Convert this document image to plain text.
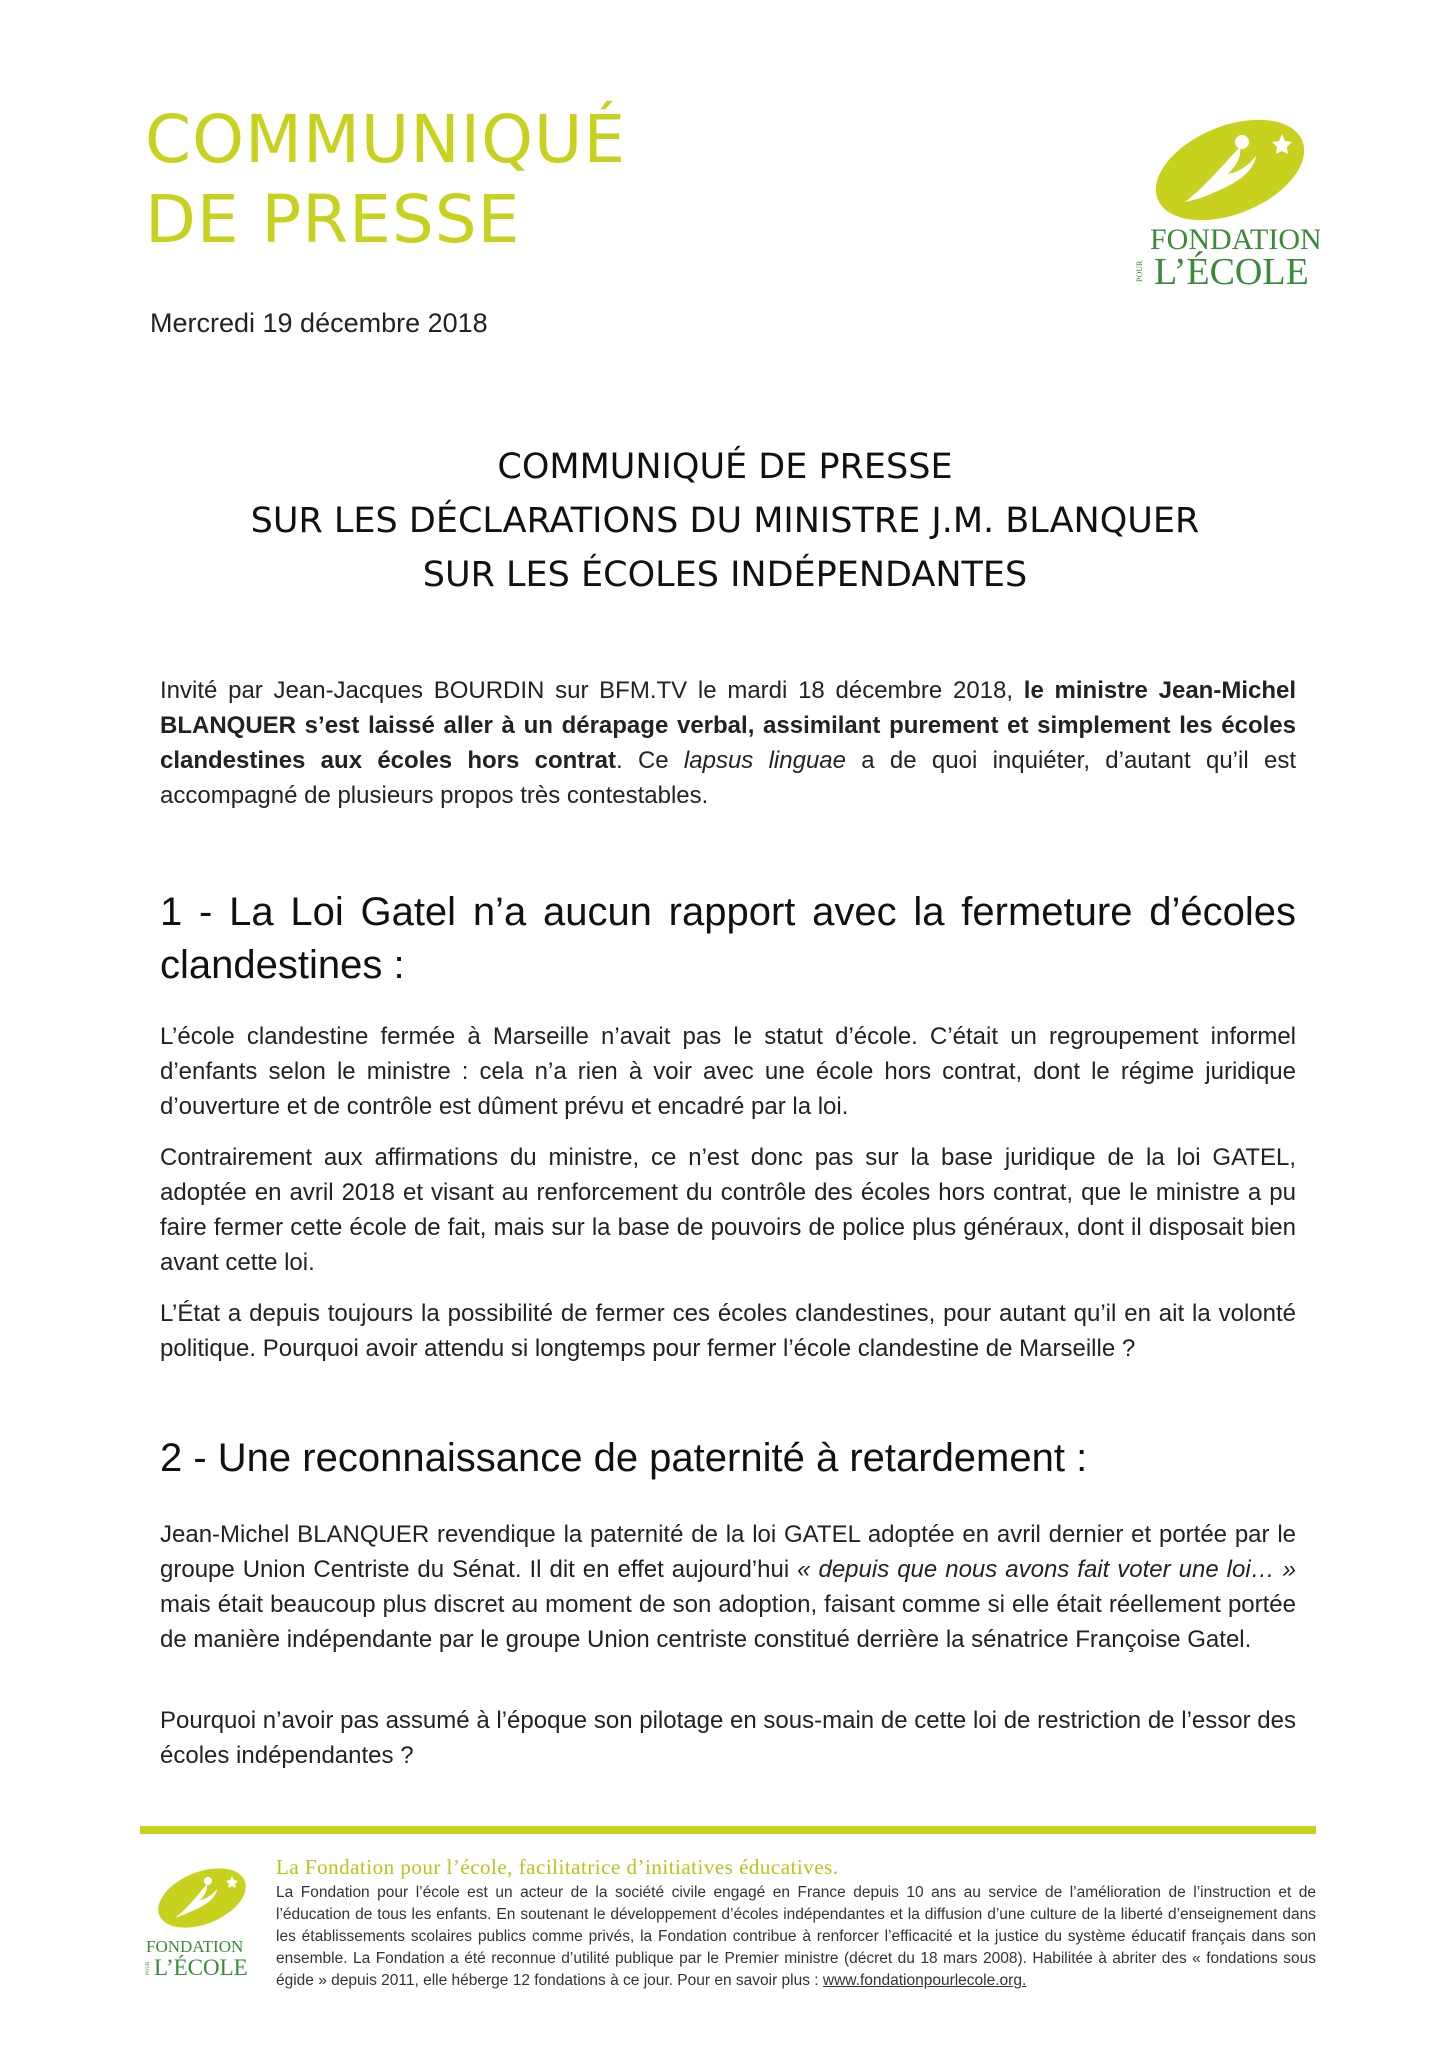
COMMUNIQUÉ
DE PRESSE
Mercredi 19 décembre 2018
FONDATION
POUR L’ÉCOLE
COMMUNIQUÉ DE PRESSE
SUR LES DÉCLARATIONS DU MINISTRE J.M. BLANQUER
SUR LES ÉCOLES INDÉPENDANTES

Invité par Jean-Jacques BOURDIN sur BFM.TV le mardi 18 décembre 2018, le ministre Jean-Michel BLANQUER s’est laissé aller à un dérapage verbal, assimilant purement et simplement les écoles clandestines aux écoles hors contrat. Ce lapsus linguae a de quoi inquiéter, d’autant qu’il est accompagné de plusieurs propos très contestables.

1 - La Loi Gatel n’a aucun rapport avec la fermeture d’écoles clandestines :

L’école clandestine fermée à Marseille n’avait pas le statut d’école. C’était un regroupement informel d’enfants selon le ministre : cela n’a rien à voir avec une école hors contrat, dont le régime juridique d’ouverture et de contrôle est dûment prévu et encadré par la loi.

Contrairement aux affirmations du ministre, ce n’est donc pas sur la base juridique de la loi GATEL, adoptée en avril 2018 et visant au renforcement du contrôle des écoles hors contrat, que le ministre a pu faire fermer cette école de fait, mais sur la base de pouvoirs de police plus généraux, dont il disposait bien avant cette loi.

L’État a depuis toujours la possibilité de fermer ces écoles clandestines, pour autant qu’il en ait la volonté politique. Pourquoi avoir attendu si longtemps pour fermer l’école clandestine de Marseille ?

2 - Une reconnaissance de paternité à retardement :

Jean-Michel BLANQUER revendique la paternité de la loi GATEL adoptée en avril dernier et portée par le groupe Union Centriste du Sénat. Il dit en effet aujourd’hui « depuis que nous avons fait voter une loi… » mais était beaucoup plus discret au moment de son adoption, faisant comme si elle était réellement portée de manière indépendante par le groupe Union centriste constitué derrière la sénatrice Françoise Gatel.

Pourquoi n’avoir pas assumé à l’époque son pilotage en sous-main de cette loi de restriction de l’essor des écoles indépendantes ?

FONDATION
POUR L’ÉCOLE
La Fondation pour l’école, facilitatrice d’initiatives éducatives.

La Fondation pour l’école est un acteur de la société civile engagé en France depuis 10 ans au service de l’amélioration de l’instruction et de l’éducation de tous les enfants. En soutenant le développement d’écoles indépendantes et la diffusion d’une culture de la liberté d’enseignement dans les établissements scolaires publics comme privés, la Fondation contribue à renforcer l’efficacité et la justice du système éducatif français dans son ensemble. La Fondation a été reconnue d’utilité publique par le Premier ministre (décret du 18 mars 2008). Habilitée à abriter des « fondations sous égide » depuis 2011, elle héberge 12 fondations à ce jour. Pour en savoir plus : www.fondationpourlecole.org.
